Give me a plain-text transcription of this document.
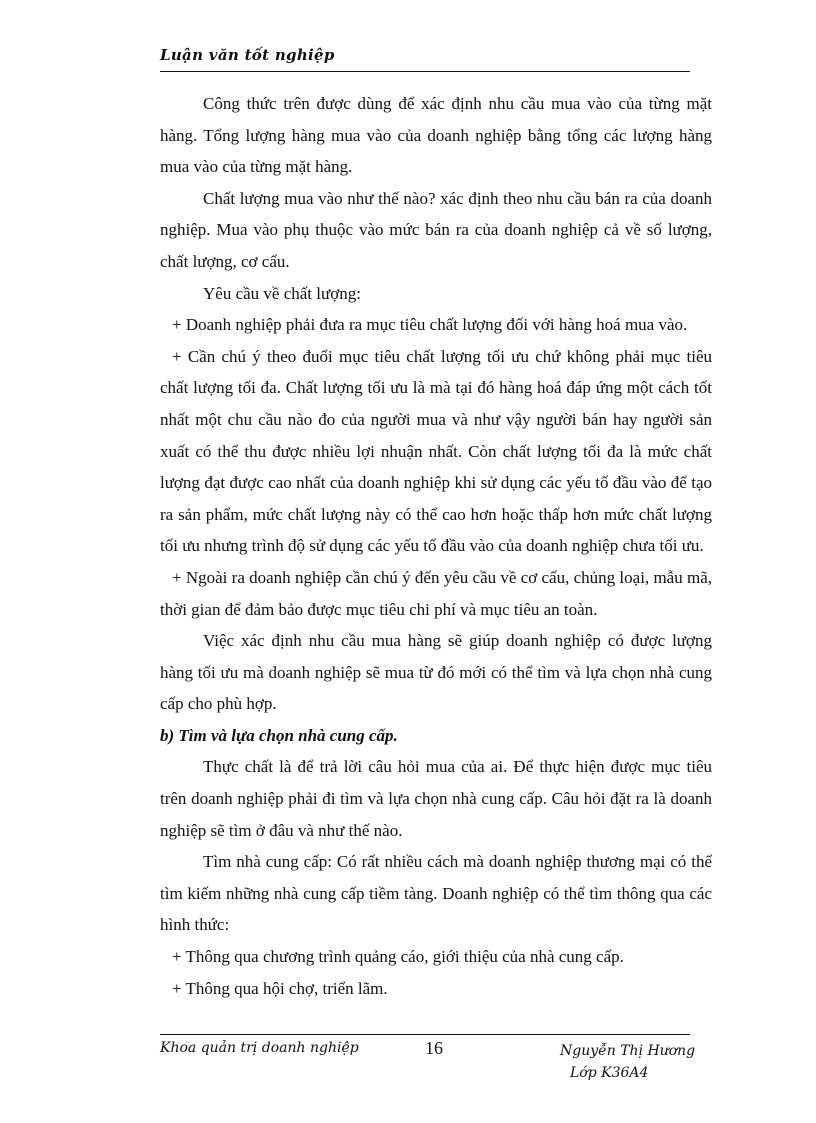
Luận văn tốt nghiệp

Công thức trên được dùng để xác định nhu cầu mua vào của từng mặt hàng. Tổng lượng hàng mua vào của doanh nghiệp bằng tổng các lượng hàng mua vào của từng mặt hàng.

Chất lượng mua vào như thế nào? xác định theo nhu cầu bán ra của doanh nghiệp. Mua vào phụ thuộc vào mức bán ra của doanh nghiệp cả về số lượng, chất lượng, cơ cấu.

Yêu cầu về chất lượng:

+ Doanh nghiệp phải đưa ra mục tiêu chất lượng đối với hàng hoá mua vào.

+ Cần chú ý theo đuổi mục tiêu chất lượng tối ưu chứ không phải mục tiêu chất lượng tối đa. Chất lượng tối ưu là mà tại đó hàng hoá đáp ứng một cách tốt nhất một chu cầu nào đo của người mua và như vậy người bán hay người sản xuất có thể thu được nhiều lợi nhuận nhất. Còn chất lượng tối đa là mức chất lượng đạt được cao nhất của doanh nghiệp khi sử dụng các yếu tố đầu vào để tạo ra sản phẩm, mức chất lượng này có thể cao hơn hoặc thấp hơn mức chất lượng tối ưu nhưng trình độ sử dụng các yếu tố đầu vào của doanh nghiệp chưa tối ưu.

+ Ngoài ra doanh nghiệp cần chú ý đến yêu cầu về cơ cấu, chủng loại, mẫu mã, thời gian để đảm bảo được mục tiêu chi phí và mục tiêu an toàn.

Việc xác định nhu cầu mua hàng sẽ giúp doanh nghiệp có được lượng hàng tối ưu mà doanh nghiệp sẽ mua từ đó mới có thể tìm và lựa chọn nhà cung cấp cho phù hợp.

b) Tìm và lựa chọn nhà cung cấp.

Thực chất là để trả lời câu hỏi mua của ai. Để thực hiện được mục tiêu trên doanh nghiệp phải đi tìm và lựa chọn nhà cung cấp. Câu hỏi đặt ra là doanh nghiệp sẽ tìm ở đâu và như thế nào.

Tìm nhà cung cấp: Có rất nhiều cách mà doanh nghiệp thương mại có thể tìm kiếm những nhà cung cấp tiềm tàng. Doanh nghiệp có thể tìm thông qua các hình thức:

+ Thông qua chương trình quảng cáo, giới thiệu của nhà cung cấp.

+ Thông qua hội chợ, triển lãm.

Khoa quản trị doanh nghiệp	16	Nguyễn Thị Hương
Lớp K36A4
